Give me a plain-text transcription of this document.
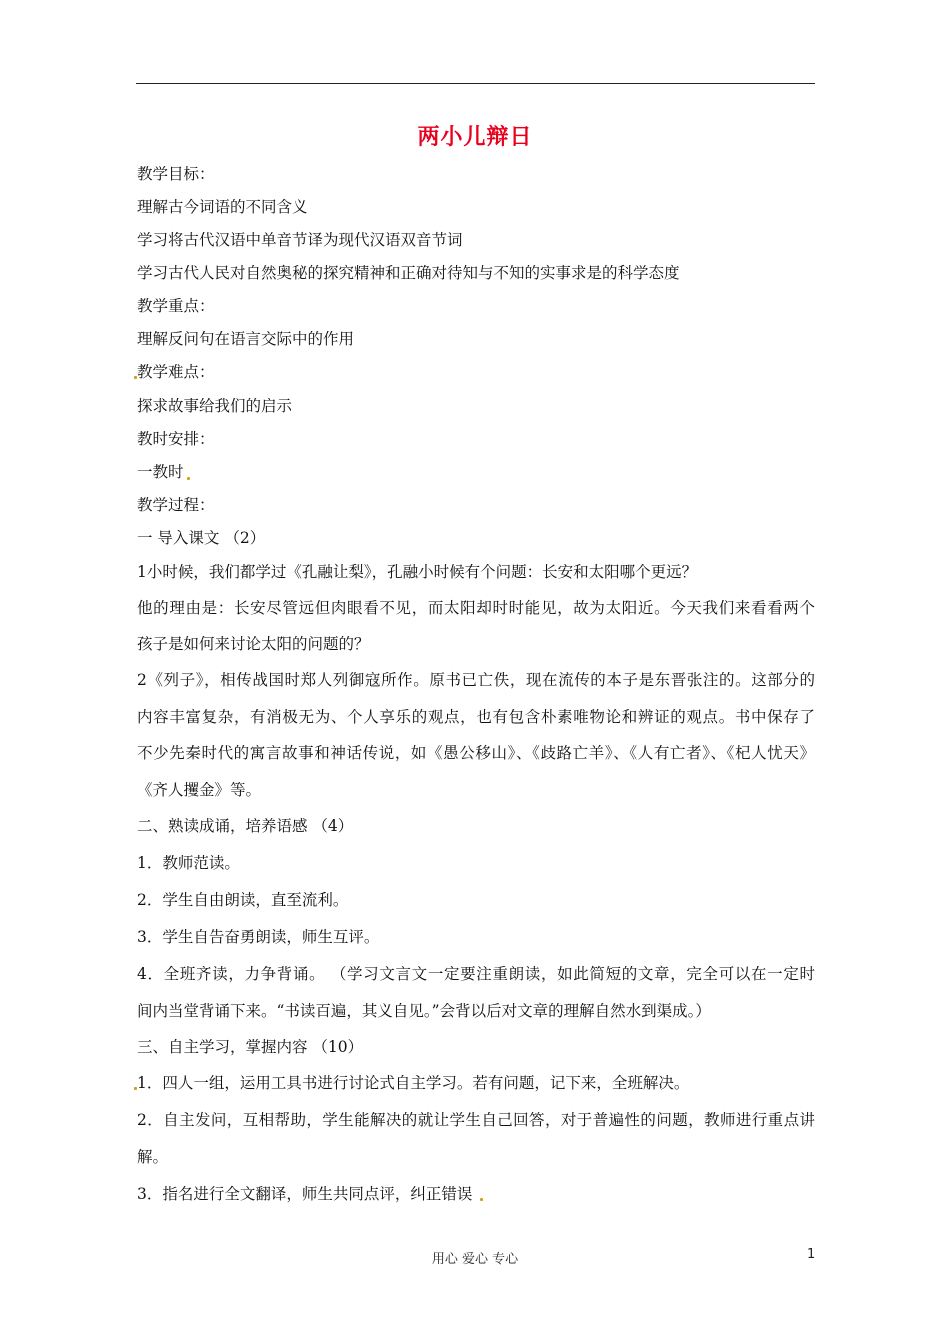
两小儿辩日
教学目标：
理解古今词语的不同含义
学习将古代汉语中单音节译为现代汉语双音节词
学习古代人民对自然奥秘的探究精神和正确对待知与不知的实事求是的科学态度
教学重点：
理解反问句在语言交际中的作用
教学难点：
探求故事给我们的启示
教时安排：
一教时
教学过程：
一 导入课文 （2）
1小时候，我们都学过《孔融让梨》，孔融小时候有个问题：长安和太阳哪个更远？
他的理由是：长安尽管远但肉眼看不见，而太阳却时时能见，故为太阳近。今天我们来看看两个
孩子是如何来讨论太阳的问题的？
2《列子》，相传战国时郑人列御寇所作。原书已亡佚，现在流传的本子是东晋张注的。这部分的
内容丰富复杂，有消极无为、个人享乐的观点，也有包含朴素唯物论和辨证的观点。书中保存了
不少先秦时代的寓言故事和神话传说，如《愚公移山》、《歧路亡羊》、《人有亡者》、《杞人忧天》
《齐人攫金》等。
二、熟读成诵，培养语感 （4）
1．教师范读。
2．学生自由朗读，直至流利。
3．学生自告奋勇朗读，师生互评。
4．全班齐读，力争背诵。 （学习文言文一定要注重朗读，如此简短的文章，完全可以在一定时
间内当堂背诵下来。“书读百遍，其义自见。”会背以后对文章的理解自然水到渠成。）
三、自主学习，掌握内容 （10）
1．四人一组，运用工具书进行讨论式自主学习。若有问题，记下来，全班解决。
2．自主发问，互相帮助，学生能解决的就让学生自己回答，对于普遍性的问题，教师进行重点讲
解。
3．指名进行全文翻译，师生共同点评，纠正错误
用心 爱心 专心	1
